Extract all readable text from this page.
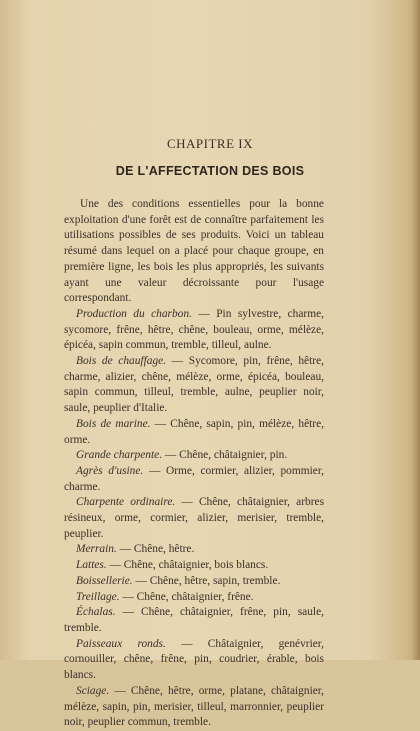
CHAPITRE IX
DE L'AFFECTATION DES BOIS

Une des conditions essentielles pour la bonne exploitation d'une forêt est de connaître parfaitement les utilisations possibles de ses produits. Voici un tableau résumé dans lequel on a placé pour chaque groupe, en première ligne, les bois les plus appropriés, les suivants ayant une valeur décroissante pour l'usage correspondant.

Production du charbon. — Pin sylvestre, charme, sycomore, frêne, hêtre, chêne, bouleau, orme, mélèze, épicéa, sapin commun, tremble, tilleul, aulne.

Bois de chauffage. — Sycomore, pin, frêne, hêtre, charme, alizier, chêne, mélèze, orme, épicéa, bouleau, sapin commun, tilleul, tremble, aulne, peuplier noir, saule, peuplier d'Italie.

Bois de marine. — Chêne, sapin, pin, mélèze, hêtre, orme.

Grande charpente. — Chêne, châtaignier, pin.

Agrès d'usine. — Orme, cormier, alizier, pommier, charme.

Charpente ordinaire. — Chêne, châtaignier, arbres résineux, orme, cormier, alizier, merisier, tremble, peuplier.

Merrain. — Chêne, hêtre.

Lattes. — Chêne, châtaignier, bois blancs.

Boissellerie. — Chêne, hêtre, sapin, tremble.

Treillage. — Chêne, châtaignier, frêne.

Échalas. — Chêne, châtaignier, frêne, pin, saule, tremble.

Paisseaux ronds. — Châtaignier, genévrier, cornouiller, chêne, frêne, pin, coudrier, érable, bois blancs.

Sciage. — Chêne, hêtre, orme, platane, châtaignier, mélèze, sapin, pin, merisier, tilleul, marronnier, peuplier noir, peuplier commun, tremble.
